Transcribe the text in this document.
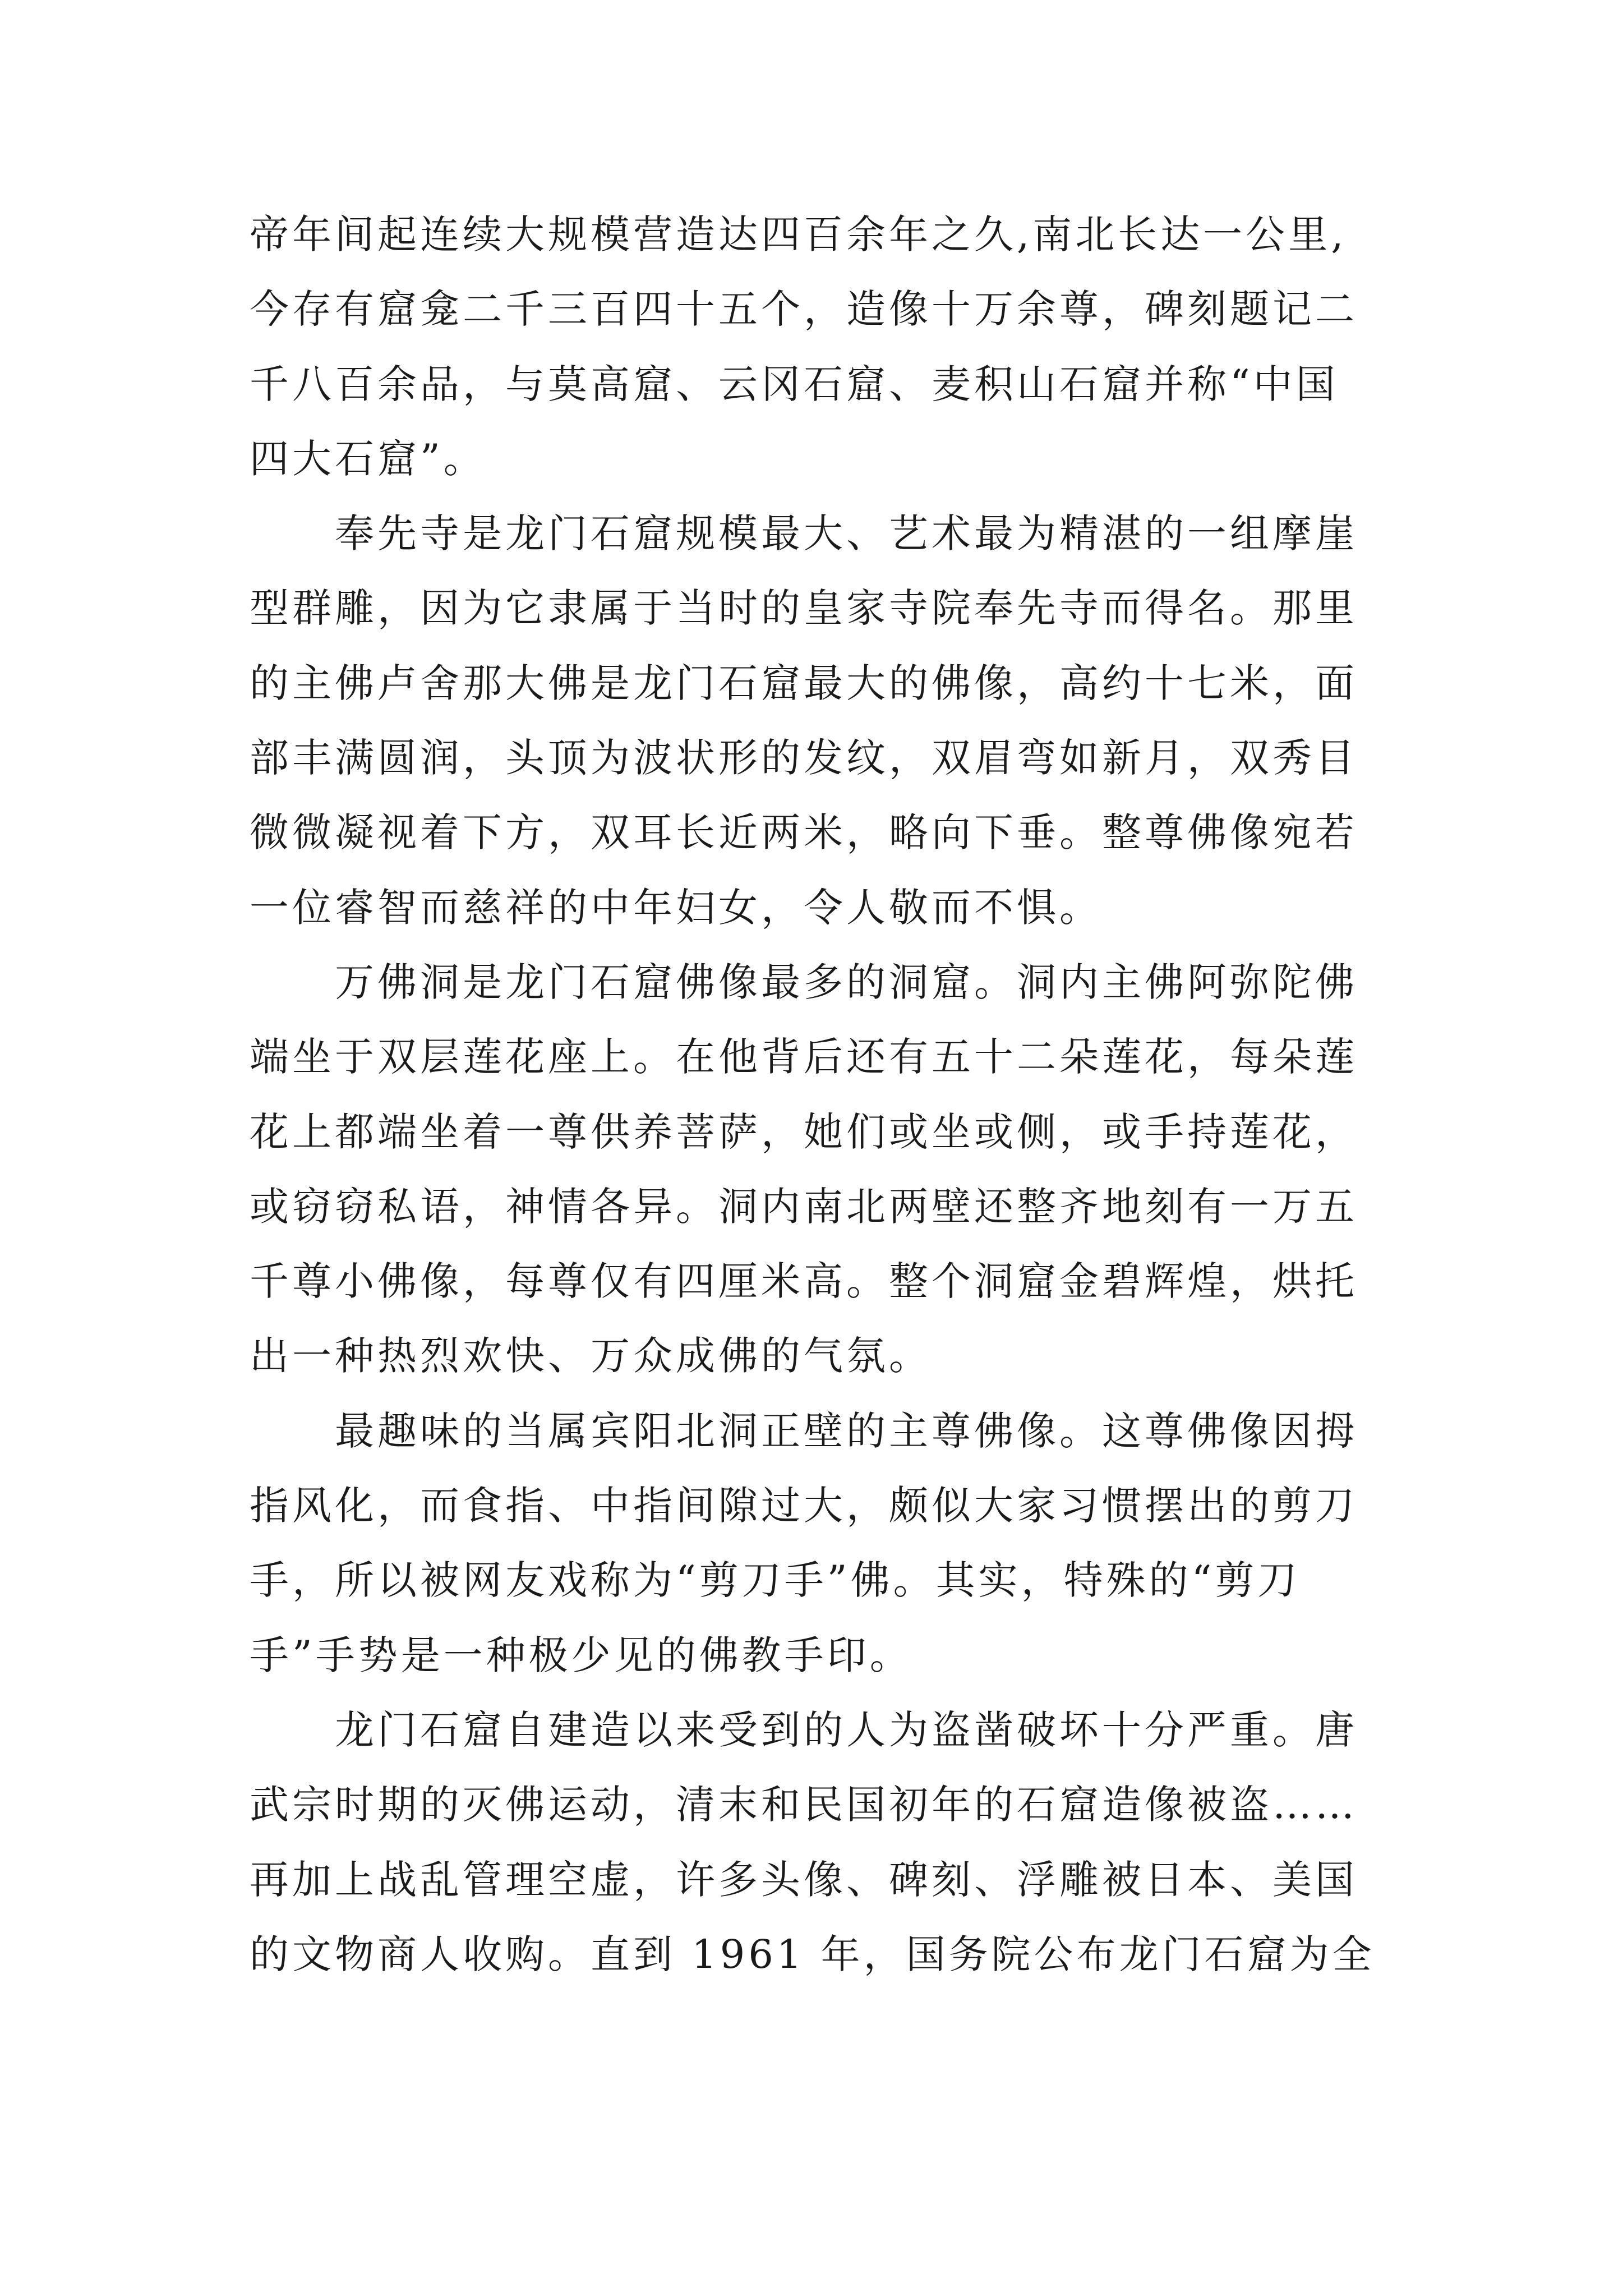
帝年间起连续大规模营造达四百余年之久,南北长达一公里,
今存有窟龛二千三百四十五个，造像十万余尊，碑刻题记二
千八百余品，与莫高窟、云冈石窟、麦积山石窟并称“中国
四大石窟”。
奉先寺是龙门石窟规模最大、艺术最为精湛的一组摩崖
型群雕，因为它隶属于当时的皇家寺院奉先寺而得名。那里
的主佛卢舍那大佛是龙门石窟最大的佛像，高约十七米，面
部丰满圆润，头顶为波状形的发纹，双眉弯如新月，双秀目
微微凝视着下方，双耳长近两米，略向下垂。整尊佛像宛若
一位睿智而慈祥的中年妇女，令人敬而不惧。
万佛洞是龙门石窟佛像最多的洞窟。洞内主佛阿弥陀佛
端坐于双层莲花座上。在他背后还有五十二朵莲花，每朵莲
花上都端坐着一尊供养菩萨，她们或坐或侧，或手持莲花，
或窃窃私语，神情各异。洞内南北两壁还整齐地刻有一万五
千尊小佛像，每尊仅有四厘米高。整个洞窟金碧辉煌，烘托
出一种热烈欢快、万众成佛的气氛。
最趣味的当属宾阳北洞正壁的主尊佛像。这尊佛像因拇
指风化，而食指、中指间隙过大，颇似大家习惯摆出的剪刀
手，所以被网友戏称为“剪刀手”佛。其实，特殊的“剪刀
手”手势是一种极少见的佛教手印。
龙门石窟自建造以来受到的人为盗凿破坏十分严重。唐
武宗时期的灭佛运动，清末和民国初年的石窟造像被盗……
再加上战乱管理空虚，许多头像、碑刻、浮雕被日本、美国
的文物商人收购。直到 1961 年，国务院公布龙门石窟为全
